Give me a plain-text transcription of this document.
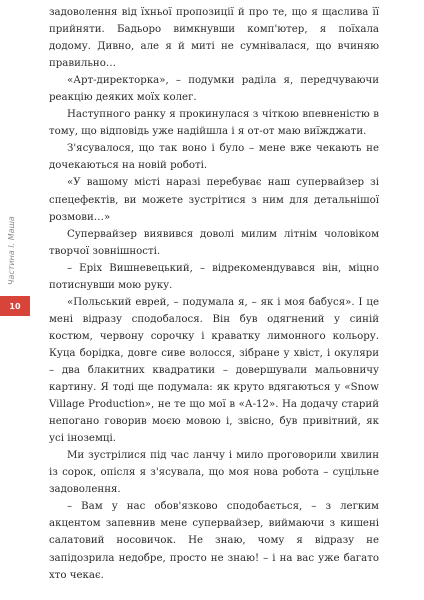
задоволення від їхньої пропозиції й про те, що я щаслива її прийняти. Бадьоро вимкнувши комп'ютер, я поїхала додому. Дивно, але я й миті не сумнівалася, що вчиняю правильно…

«Арт-директорка», – подумки раділа я, передчуваючи реакцію деяких моїх колег.

Наступного ранку я прокинулася з чіткою впевненістю в тому, що відповідь уже надійшла і я от-от маю виїжджати.

З'ясувалося, що так воно і було – мене вже чекають не дочекаються на новій роботі.

«У вашому місті наразі перебуває наш супервайзер зі спецефектів, ви можете зустрітися з ним для детальнішої розмови…»

Супервайзер виявився доволі милим літнім чоловіком творчої зовнішності.

– Еріх Вишневецький, – відрекомендувався він, міцно потиснувши мою руку.

«Польський еврей, – подумала я, – як і моя бабуся». І це мені відразу сподобалося. Він був одягнений у синій костюм, червону сорочку і краватку лимонного кольору. Куца борідка, довге сиве волосся, зібране у хвіст, і окуляри – два блакитних квадратики – довершували мальовничу картину. Я тоді ще подумала: як круто вдягаються у «Snow Village Production», не те що мої в «А-12». На додачу старий непогано говорив моєю мовою і, звісно, був привітний, як усі іноземці.

Ми зустрілися під час ланчу і мило проговорили хвилин із сорок, опісля я з'ясувала, що моя нова робота – суцільне задоволення.

– Вам у нас обов'язково сподобається, – з легким акцентом запевнив мене супервайзер, виймаючи з кишені салатовий носовичок. Не знаю, чому я відразу не запідозрила недобре, просто не знаю! – і на вас уже багато хто чекає.

Частина І. Маша
10
